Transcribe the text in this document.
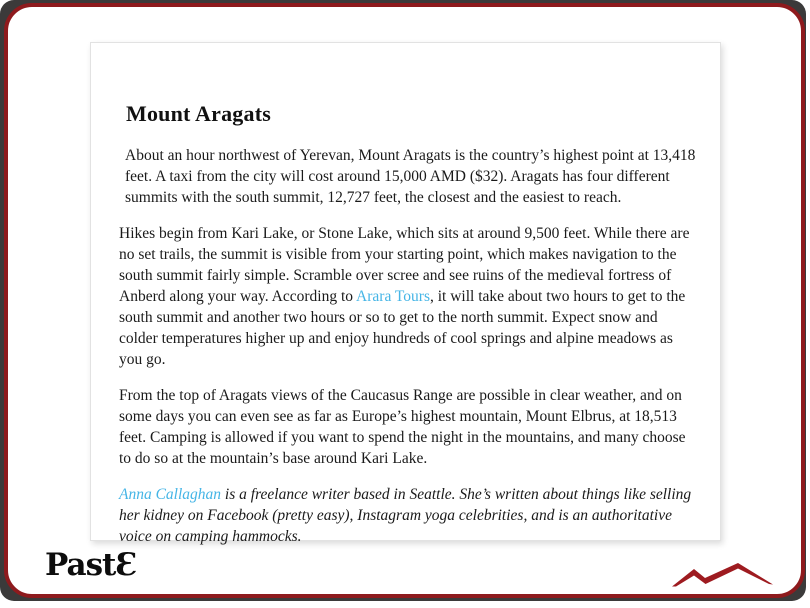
Mount Aragats

About an hour northwest of Yerevan, Mount Aragats is the country’s highest point at 13,418 feet. A taxi from the city will cost around 15,000 AMD ($32). Aragats has four different summits with the south summit, 12,727 feet, the closest and the easiest to reach.

Hikes begin from Kari Lake, or Stone Lake, which sits at around 9,500 feet. While there are no set trails, the summit is visible from your starting point, which makes navigation to the south summit fairly simple. Scramble over scree and see ruins of the medieval fortress of Anberd along your way. According to Arara Tours, it will take about two hours to get to the south summit and another two hours or so to get to the north summit. Expect snow and colder temperatures higher up and enjoy hundreds of cool springs and alpine meadows as you go.

From the top of Aragats views of the Caucasus Range are possible in clear weather, and on some days you can even see as far as Europe’s highest mountain, Mount Elbrus, at 18,513 feet. Camping is allowed if you want to spend the night in the mountains, and many choose to do so at the mountain’s base around Kari Lake.

Anna Callaghan is a freelance writer based in Seattle. She’s written about things like selling her kidney on Facebook (pretty easy), Instagram yoga celebrities, and is an authoritative voice on camping hammocks.

PastƐ
